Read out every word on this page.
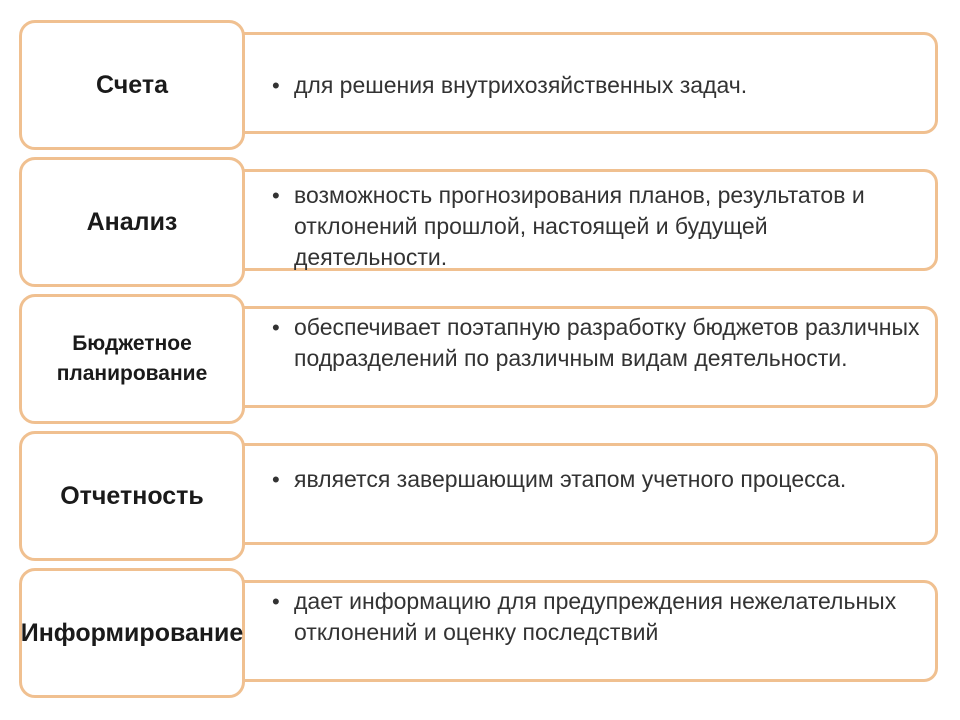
Счета	• для решения внутрихозяйственных задач.
Анализ
• возможность прогнозирования планов, результатов и отклонений прошлой, настоящей и будущей деятельности.
Бюджетное планирование
• обеспечивает поэтапную разработку бюджетов различных подразделений по различным видам деятельности.
Отчетность
• является завершающим этапом учетного процесса.
Информирование
• дает информацию для предупреждения нежелательных отклонений и оценку последствий
